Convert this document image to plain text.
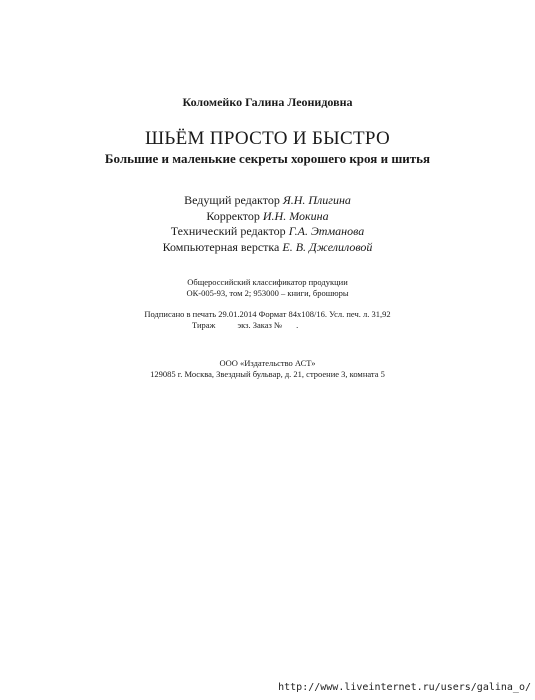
Коломейко Галина Леонидовна
ШЬЁМ ПРОСТО И БЫСТРО
Большие и маленькие секреты хорошего кроя и шитья
Ведущий редактор Я.Н. Плигина
Корректор И.Н. Мокина
Технический редактор Г.А. Этманова
Компьютерная верстка Е. В. Джелиловой
Общероссийский классификатор продукции
ОК-005-93, том 2; 953000 – книги, брошюры
Подписано в печать 29.01.2014 Формат 84х108/16. Усл. печ. л. 31,92
Тираж	экз. Заказ № .
ООО «Издательство АСТ»
129085 г. Москва, Звездный бульвар, д. 21, строение 3, комната 5
http://www.liveinternet.ru/users/galina_o/
